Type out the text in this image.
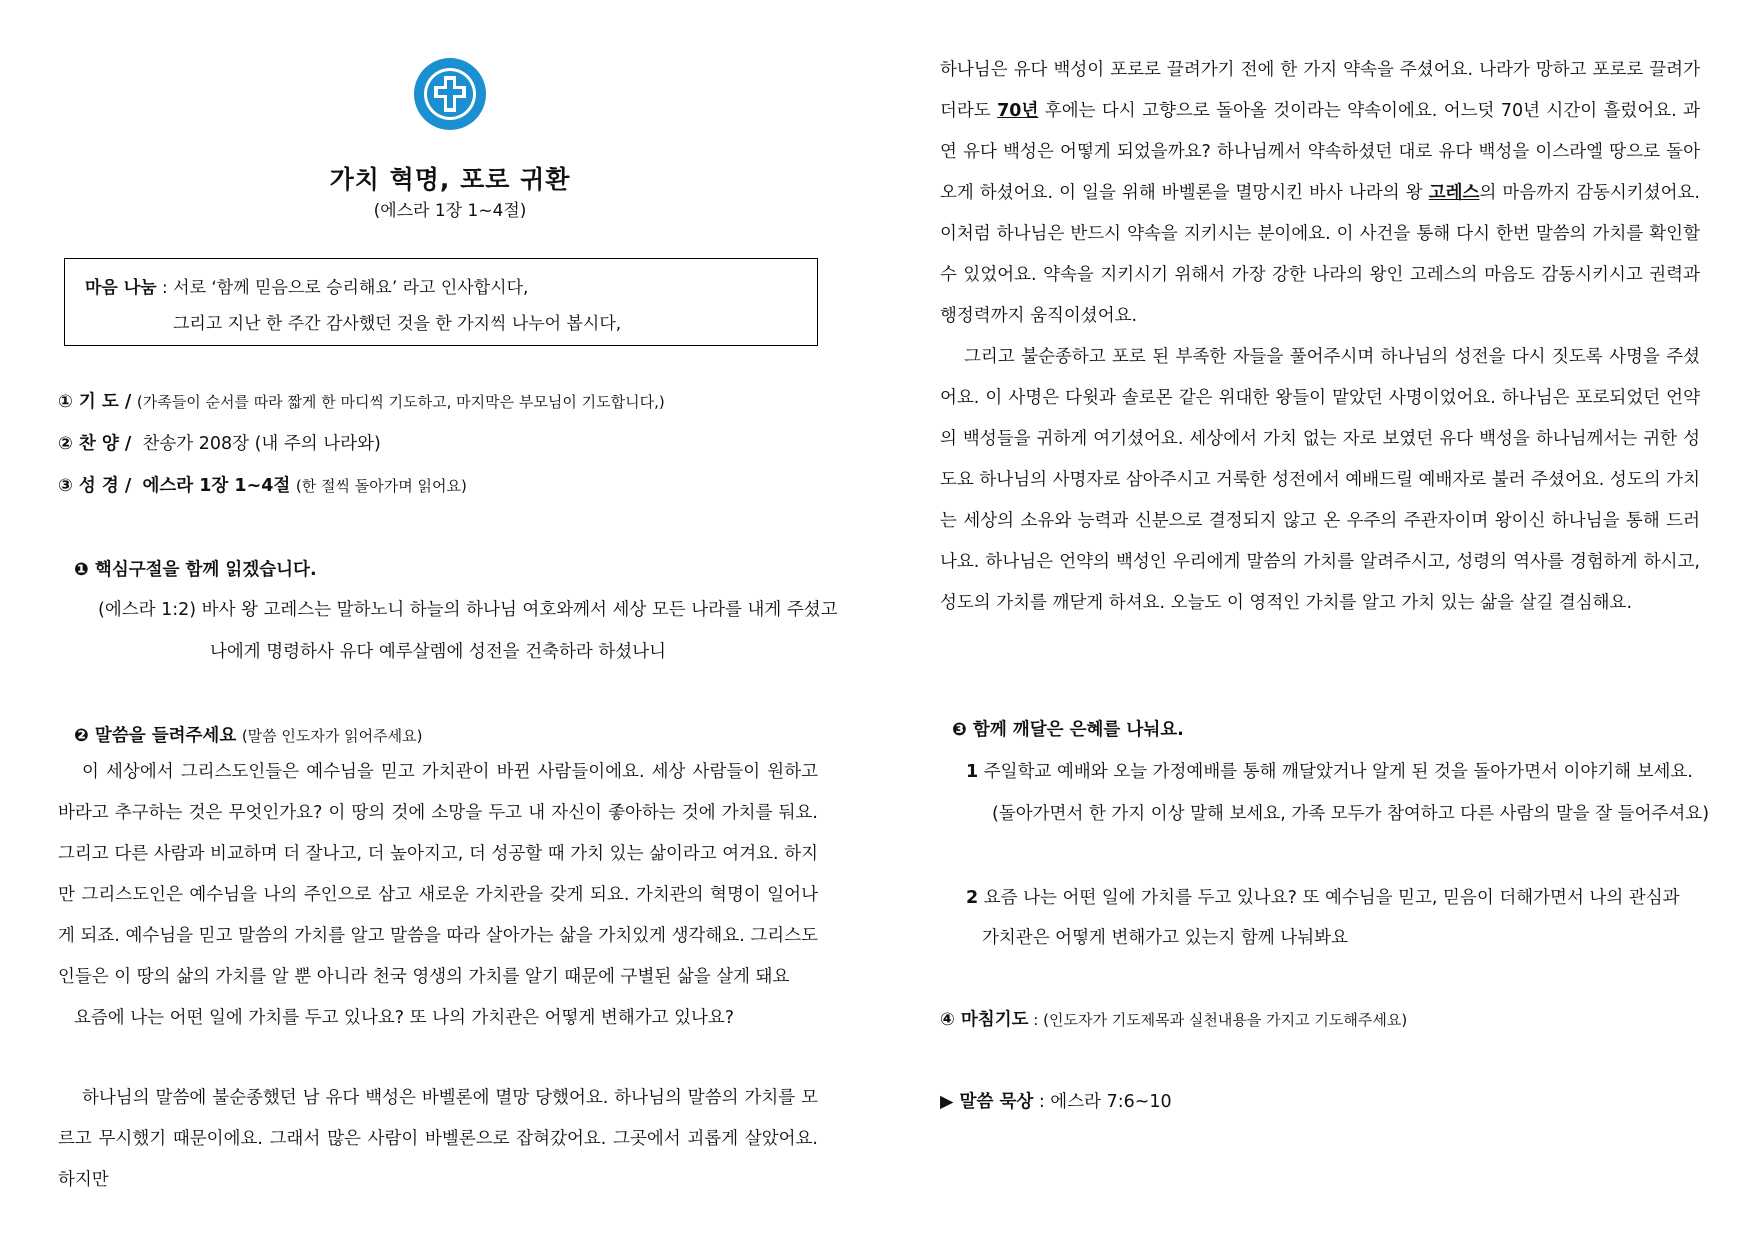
가치 혁명, 포로 귀환
(에스라 1장 1~4절)
마음 나눔 : 서로 ‘함께 믿음으로 승리해요’ 라고 인사합시다,
그리고 지난 한 주간 감사했던 것을 한 가지씩 나누어 봅시다,
① 기 도 / (가족들이 순서를 따라 짧게 한 마디씩 기도하고, 마지막은 부모님이 기도합니다,)
② 찬 양 / 찬송가 208장 (내 주의 나라와)
③ 성 경 / 에스라 1장 1~4절 (한 절씩 돌아가며 읽어요)
❶ 핵심구절을 함께 읽겠습니다.
(에스라 1:2) 바사 왕 고레스는 말하노니 하늘의 하나님 여호와께서 세상 모든 나라를 내게 주셨고
나에게 명령하사 유다 예루살렘에 성전을 건축하라 하셨나니
❷ 말씀을 들려주세요 (말씀 인도자가 읽어주세요)

이 세상에서 그리스도인들은 예수님을 믿고 가치관이 바뀐 사람들이에요. 세상 사람들이 원하고 바라고 추구하는 것은 무엇인가요? 이 땅의 것에 소망을 두고 내 자신이 좋아하는 것에 가치를 둬요. 그리고 다른 사람과 비교하며 더 잘나고, 더 높아지고, 더 성공할 때 가치 있는 삶이라고 여겨요. 하지만 그리스도인은 예수님을 나의 주인으로 삼고 새로운 가치관을 갖게 되요. 가치관의 혁명이 일어나게 되죠. 예수님을 믿고 말씀의 가치를 알고 말씀을 따라 살아가는 삶을 가치있게 생각해요. 그리스도인들은 이 땅의 삶의 가치를 알 뿐 아니라 천국 영생의 가치를 알기 때문에 구별된 삶을 살게 돼요

요즘에 나는 어떤 일에 가치를 두고 있나요? 또 나의 가치관은 어떻게 변해가고 있나요?

하나님의 말씀에 불순종했던 남 유다 백성은 바벨론에 멸망 당했어요. 하나님의 말씀의 가치를 모르고 무시했기 때문이에요. 그래서 많은 사람이 바벨론으로 잡혀갔어요. 그곳에서 괴롭게 살았어요. 하지만

하나님은 유다 백성이 포로로 끌려가기 전에 한 가지 약속을 주셨어요. 나라가 망하고 포로로 끌려가더라도 70년 후에는 다시 고향으로 돌아올 것이라는 약속이에요. 어느덧 70년 시간이 흘렀어요. 과연 유다 백성은 어떻게 되었을까요? 하나님께서 약속하셨던 대로 유다 백성을 이스라엘 땅으로 돌아오게 하셨어요. 이 일을 위해 바벨론을 멸망시킨 바사 나라의 왕 고레스의 마음까지 감동시키셨어요. 이처럼 하나님은 반드시 약속을 지키시는 분이에요. 이 사건을 통해 다시 한번 말씀의 가치를 확인할 수 있었어요. 약속을 지키시기 위해서 가장 강한 나라의 왕인 고레스의 마음도 감동시키시고 권력과 행정력까지 움직이셨어요.

그리고 불순종하고 포로 된 부족한 자들을 풀어주시며 하나님의 성전을 다시 짓도록 사명을 주셨어요. 이 사명은 다윗과 솔로몬 같은 위대한 왕들이 맡았던 사명이었어요. 하나님은 포로되었던 언약의 백성들을 귀하게 여기셨어요. 세상에서 가치 없는 자로 보였던 유다 백성을 하나님께서는 귀한 성도요 하나님의 사명자로 삼아주시고 거룩한 성전에서 예배드릴 예배자로 불러 주셨어요. 성도의 가치는 세상의 소유와 능력과 신분으로 결정되지 않고 온 우주의 주관자이며 왕이신 하나님을 통해 드러나요. 하나님은 언약의 백성인 우리에게 말씀의 가치를 알려주시고, 성령의 역사를 경험하게 하시고, 성도의 가치를 깨닫게 하셔요. 오늘도 이 영적인 가치를 알고 가치 있는 삶을 살길 결심해요.

❸ 함께 깨달은 은혜를 나눠요.
1 주일학교 예배와 오늘 가정예배를 통해 깨달았거나 알게 된 것을 돌아가면서 이야기해 보세요.
(돌아가면서 한 가지 이상 말해 보세요, 가족 모두가 참여하고 다른 사람의 말을 잘 들어주셔요)
2 요즘 나는 어떤 일에 가치를 두고 있나요? 또 예수님을 믿고, 믿음이 더해가면서 나의 관심과
가치관은 어떻게 변해가고 있는지 함께 나눠봐요
④ 마침기도 : (인도자가 기도제목과 실천내용을 가지고 기도해주세요)
▶ 말씀 묵상 : 에스라 7:6~10
